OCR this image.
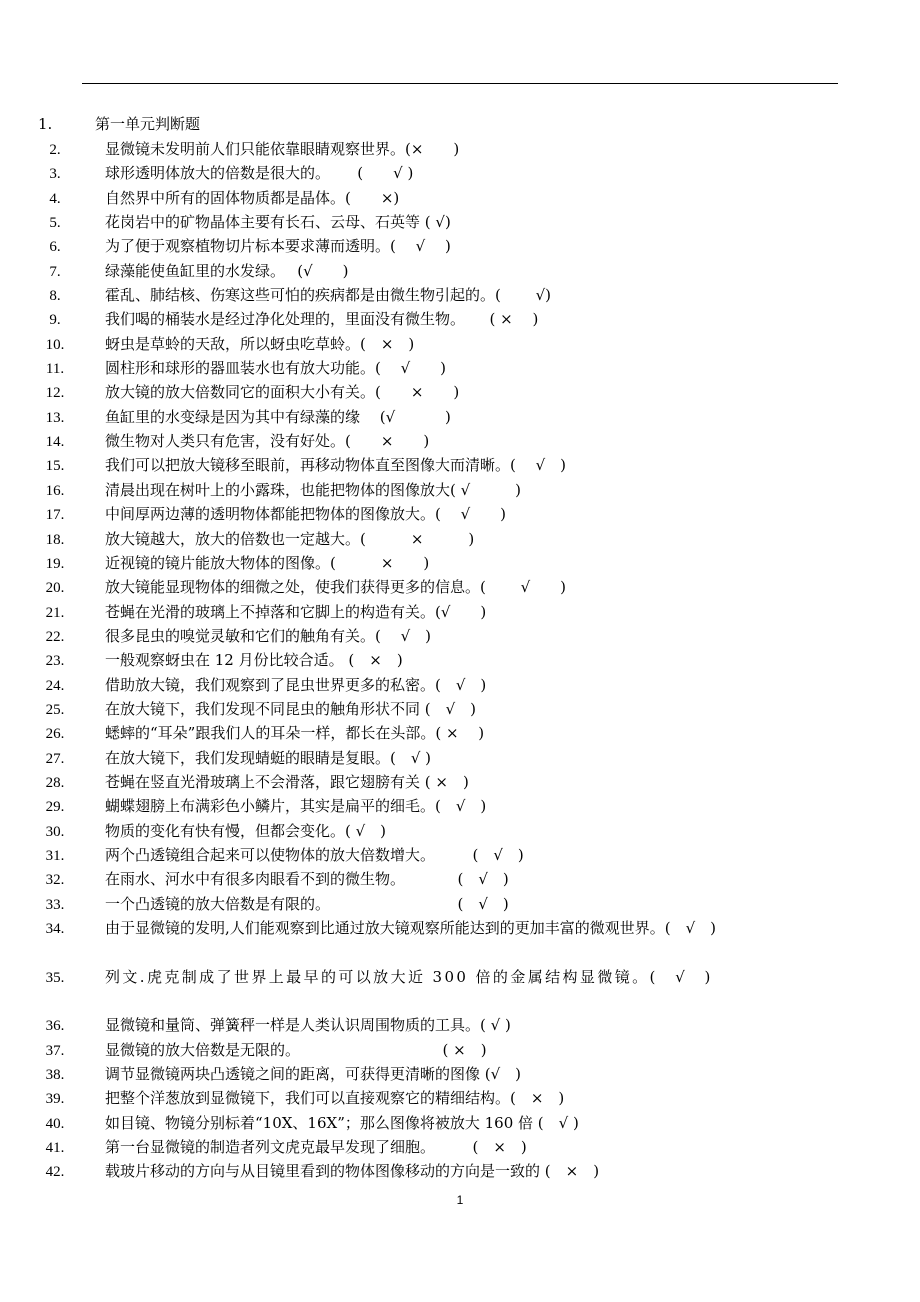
1.	第一单元判断题
2.	显微镜未发明前人们只能依靠眼睛观察世界。(×　　)
3.	球形透明体放大的倍数是很大的。　　 (　　√ )
4.	自然界中所有的固体物质都是晶体。(　　×)
5.	花岗岩中的矿物晶体主要有长石、云母、石英等 ( √)
6.	为了便于观察植物切片标本要求薄而透明。( 　√ 　)
7.	绿藻能使鱼缸里的水发绿。　 (√　　)
8.	霍乱、肺结核、伤寒这些可怕的疾病都是由微生物引起的。(　　 √)
9.	我们喝的桶装水是经过净化处理的，里面没有微生物。 　 ( ×　 )
10.	蚜虫是草蛉的天敌，所以蚜虫吃草蛉。(　×　)
11.	圆柱形和球形的器皿装水也有放大功能。(　 √　　)
12.	放大镜的放大倍数同它的面积大小有关。(　　×　　)
13.	鱼缸里的水变绿是因为其中有绿藻的缘　 (√　　　 )
14.	微生物对人类只有危害，没有好处。(　　×　　)
15.	我们可以把放大镜移至眼前，再移动物体直至图像大而清晰。( 　√　)
16.	清晨出现在树叶上的小露珠，也能把物体的图像放大( √　　　)
17.	中间厚两边薄的透明物体都能把物体的图像放大。(　 √　　)
18.	放大镜越大，放大的倍数也一定越大。(　　　×　　　)
19.	近视镜的镜片能放大物体的图像。(　　　×　　)
20.	放大镜能显现物体的细微之处，使我们获得更多的信息。(　　 √　　)
21.	苍蝇在光滑的玻璃上不掉落和它脚上的构造有关。(√　　)
22.	很多昆虫的嗅觉灵敏和它们的触角有关。( 　√　)
23.	一般观察蚜虫在 12 月份比较合适。 (　×　)
24.	借助放大镜，我们观察到了昆虫世界更多的私密。(　√　)
25.	在放大镜下，我们发现不同昆虫的触角形状不同 (　√　)
26.	蟋蟀的“耳朵”跟我们人的耳朵一样，都长在头部。( ×　 )
27.	在放大镜下，我们发现蜻蜓的眼睛是复眼。(　√ )
28.	苍蝇在竖直光滑玻璃上不会滑落，跟它翅膀有关 ( ×　)
29.	蝴蝶翅膀上布满彩色小鳞片，其实是扁平的细毛。(　√　)
30.	物质的变化有快有慢，但都会变化。( √　)
31.	两个凸透镜组合起来可以使物体的放大倍数增大。　　　(　√　)
32.	在雨水、河水中有很多肉眼看不到的微生物。　　　　(　√　)
33.	一个凸透镜的放大倍数是有限的。　　　　　　　　　(　√　)
34.	由于显微镜的发明,人们能观察到比通过放大镜观察所能达到的更加丰富的微观世界。(　√　)
35.	列文.虎克制成了世界上最早的可以放大近 300 倍的金属结构显微镜。(　√　)
36.	显微镜和量筒、弹簧秤一样是人类认识周围物质的工具。( √ )
37.	显微镜的放大倍数是无限的。　　　　　　　　　　( ×　)
38.	调节显微镜两块凸透镜之间的距离，可获得更清晰的图像 (√　)
39.	把整个洋葱放到显微镜下，我们可以直接观察它的精细结构。(　×　)
40.	如目镜、物镜分别标着“10X、16X”；那么图像将被放大 160 倍 (　√ )
41.	第一台显微镜的制造者列文虎克最早发现了细胞。　　　(　×　)
42.	载玻片移动的方向与从目镜里看到的物体图像移动的方向是一致的 (　×　)
1
